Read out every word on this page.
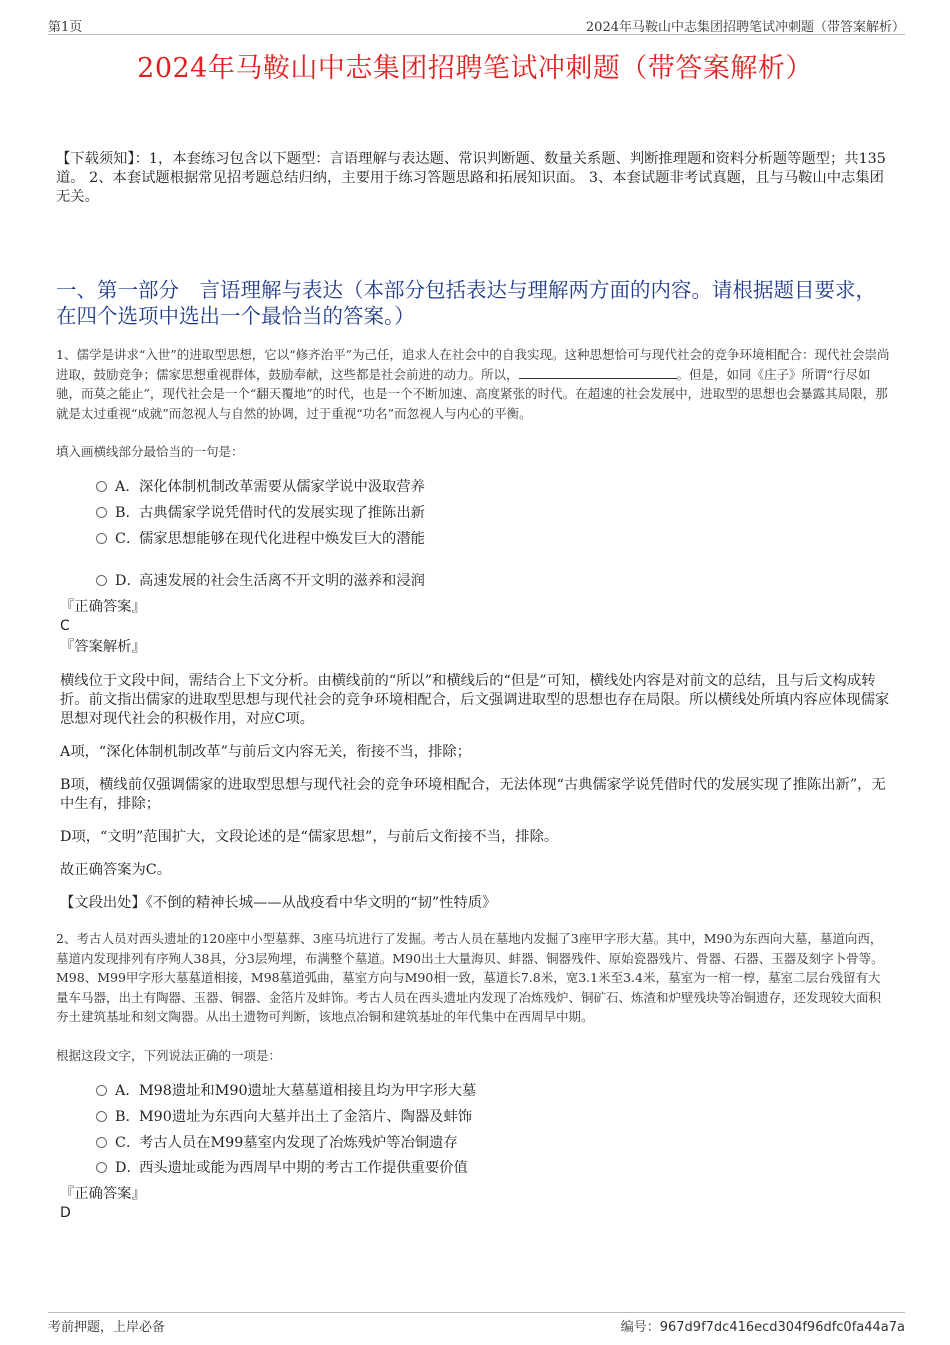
第1页	2024年马鞍山中志集团招聘笔试冲刺题（带答案解析）
2024年马鞍山中志集团招聘笔试冲刺题（带答案解析）
【下载须知】：1，本套练习包含以下题型：言语理解与表达题、常识判断题、数量关系题、判断推理题和资料分析题等题型；共135道。 2、本套试题根据常见招考题总结归纳，主要用于练习答题思路和拓展知识面。 3、本套试题非考试真题，且与马鞍山中志集团无关。
一、第一部分　言语理解与表达（本部分包括表达与理解两方面的内容。请根据题目要求，在四个选项中选出一个最恰当的答案。）
1、儒学是讲求“入世”的进取型思想，它以“修齐治平”为己任，追求人在社会中的自我实现。这种思想恰可与现代社会的竞争环境相配合：现代社会崇尚进取，鼓励竞争；儒家思想重视群体，鼓励奉献，这些都是社会前进的动力。所以，	。但是，如同《庄子》所谓“行尽如驰，而莫之能止”，现代社会是一个“翻天覆地”的时代，也是一个不断加速、高度紧张的时代。在超速的社会发展中，进取型的思想也会暴露其局限，那就是太过重视“成就”而忽视人与自然的协调，过于重视“功名”而忽视人与内心的平衡。
填入画横线部分最恰当的一句是：
A．深化体制机制改革需要从儒家学说中汲取营养
B．古典儒家学说凭借时代的发展实现了推陈出新
C．儒家思想能够在现代化进程中焕发巨大的潜能
D．高速发展的社会生活离不开文明的滋养和浸润
『正确答案』
C
『答案解析』
横线位于文段中间，需结合上下文分析。由横线前的“所以”和横线后的“但是”可知，横线处内容是对前文的总结，且与后文构成转折。前文指出儒家的进取型思想与现代社会的竞争环境相配合，后文强调进取型的思想也存在局限。所以横线处所填内容应体现儒家思想对现代社会的积极作用，对应C项。
A项，“深化体制机制改革”与前后文内容无关，衔接不当，排除；
B项，横线前仅强调儒家的进取型思想与现代社会的竞争环境相配合，无法体现“古典儒家学说凭借时代的发展实现了推陈出新”，无中生有，排除；
D项，“文明”范围扩大，文段论述的是“儒家思想”，与前后文衔接不当，排除。
故正确答案为C。
【文段出处】《不倒的精神长城——从战疫看中华文明的“韧”性特质》
2、考古人员对西头遗址的120座中小型墓葬、3座马坑进行了发掘。考古人员在墓地内发掘了3座甲字形大墓。其中，M90为东西向大墓，墓道向西，墓道内发现排列有序殉人38具，分3层殉埋，布满整个墓道。M90出土大量海贝、蚌器、铜器残件、原始瓷器残片、骨器、石器、玉器及刻字卜骨等。M98、M99甲字形大墓墓道相接，M98墓道弧曲，墓室方向与M90相一致，墓道长7.8米，宽3.1米至3.4米，墓室为一棺一椁，墓室二层台残留有大量车马器，出土有陶器、玉器、铜器、金箔片及蚌饰。考古人员在西头遗址内发现了冶炼残炉、铜矿石、炼渣和炉壁残块等冶铜遗存，还发现较大面积夯土建筑基址和刻文陶器。从出土遗物可判断，该地点冶铜和建筑基址的年代集中在西周早中期。
根据这段文字，下列说法正确的一项是：
A．M98遗址和M90遗址大墓墓道相接且均为甲字形大墓
B．M90遗址为东西向大墓并出土了金箔片、陶器及蚌饰
C．考古人员在M99墓室内发现了冶炼残炉等冶铜遗存
D．西头遗址或能为西周早中期的考古工作提供重要价值
『正确答案』
D
考前押题，上岸必备	编号：967d9f7dc416ecd304f96dfc0fa44a7a
